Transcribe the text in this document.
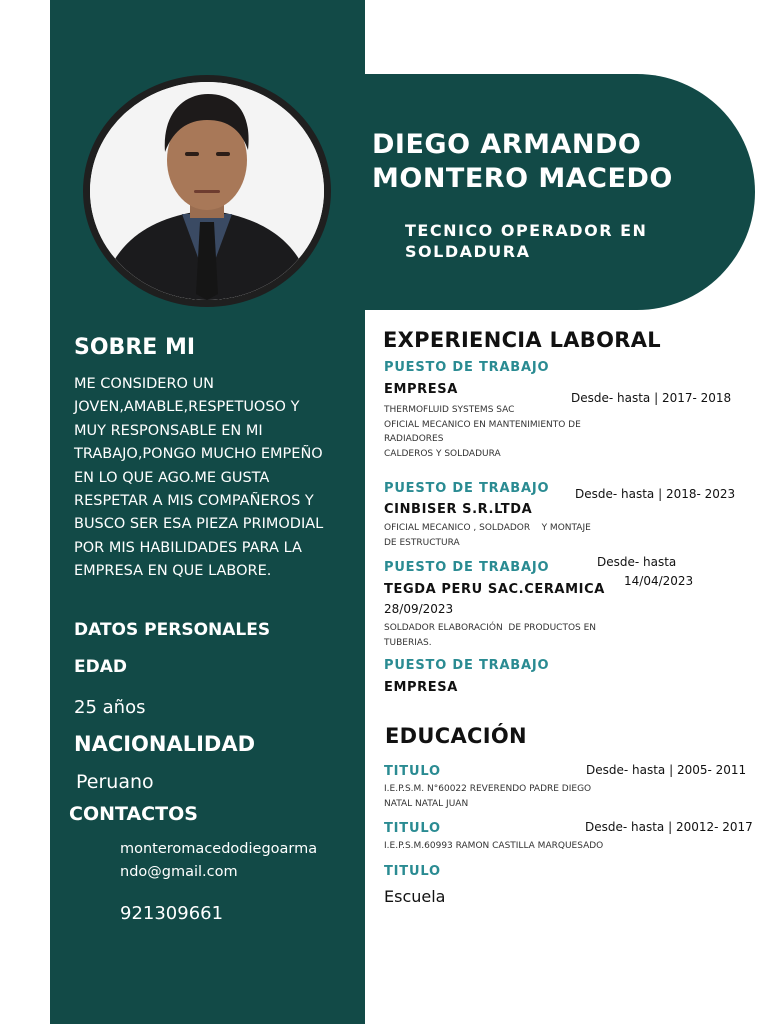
DIEGO ARMANDO
MONTERO MACEDO
TECNICO OPERADOR EN
SOLDADURA
SOBRE MI
ME CONSIDERO UN JOVEN,AMABLE,RESPETUOSO Y MUY RESPONSABLE EN MI TRABAJO,PONGO MUCHO EMPEÑO EN LO QUE AGO.ME GUSTA RESPETAR A MIS COMPAÑEROS Y BUSCO SER ESA PIEZA PRIMODIAL POR MIS HABILIDADES PARA LA EMPRESA EN QUE LABORE.
DATOS PERSONALES
EDAD
25 años
NACIONALIDAD
Peruano
CONTACTOS
monteromacedodiegoarma
ndo@gmail.com
921309661
EXPERIENCIA LABORAL
PUESTO DE TRABAJO
EMPRESA
Desde- hasta | 2017- 2018
THERMOFLUID SYSTEMS SAC
OFICIAL MECANICO EN MANTENIMIENTO DE
RADIADORES
CALDEROS Y SOLDADURA
PUESTO DE TRABAJO Desde- hasta | 2018- 2023
CINBISER S.R.LTDA
OFICIAL MECANICO , SOLDADOR    Y MONTAJE
DE ESTRUCTURA
Desde- hasta
PUESTO DE TRABAJO
14/04/2023
TEGDA PERU SAC.CERAMICA
28/09/2023
SOLDADOR ELABORACIÓN  DE PRODUCTOS EN
TUBERIAS.
PUESTO DE TRABAJO
EMPRESA
EDUCACIÓN
TITULO	Desde- hasta | 2005- 2011
I.E.P.S.M. N°60022 REVERENDO PADRE DIEGO
NATAL NATAL JUAN
TITULO	Desde- hasta | 20012- 2017
I.E.P.S.M.60993 RAMON CASTILLA MARQUESADO
TITULO
Escuela
